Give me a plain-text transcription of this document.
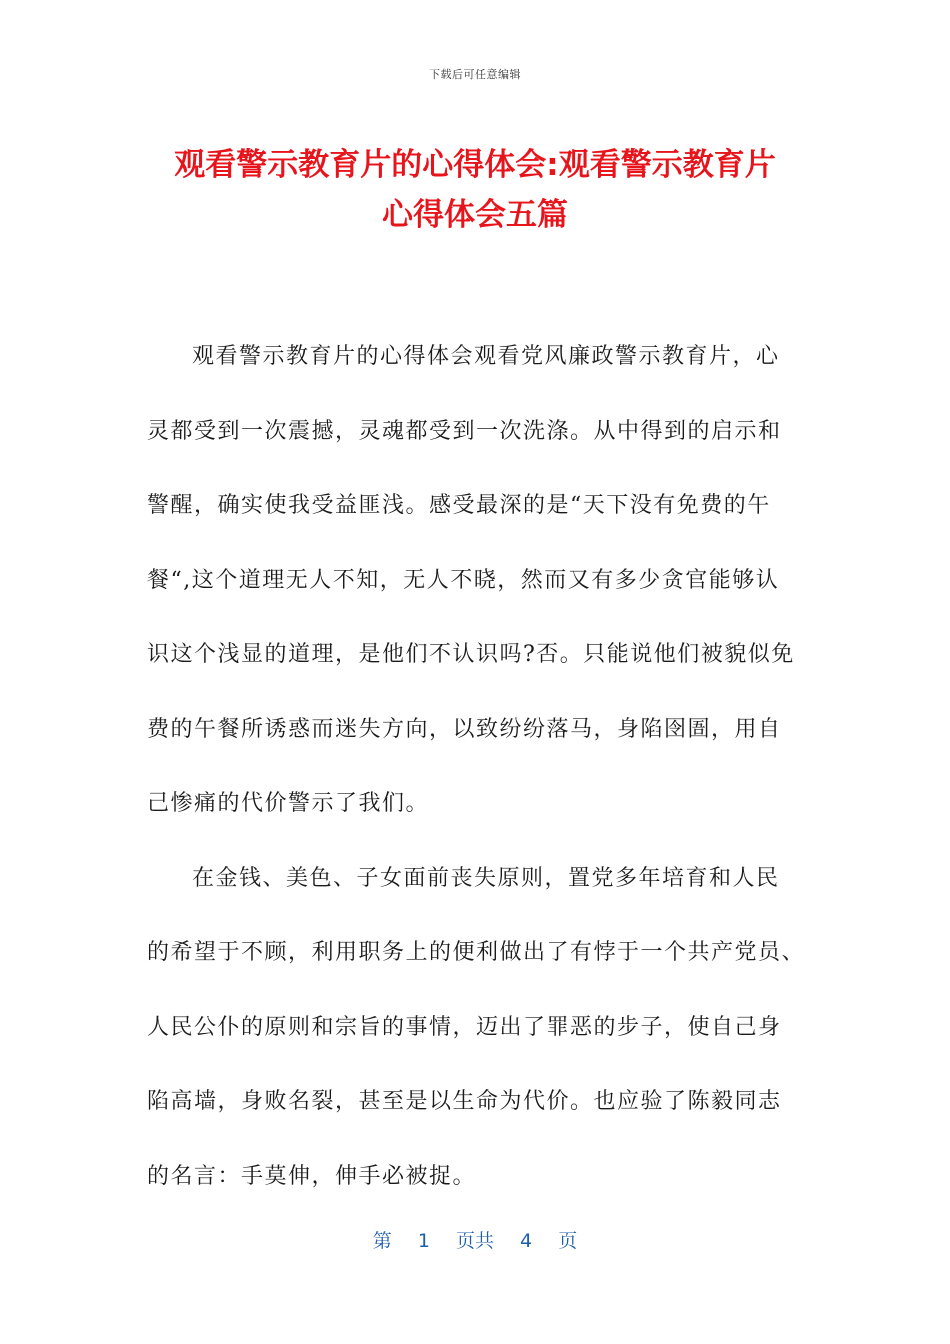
下载后可任意编辑
观看警示教育片的心得体会:观看警示教育片
心得体会五篇

观看警示教育片的心得体会观看党风廉政警示教育片，心
灵都受到一次震撼，灵魂都受到一次洗涤。从中得到的启示和
警醒，确实使我受益匪浅。感受最深的是“天下没有免费的午
餐“,这个道理无人不知，无人不晓，然而又有多少贪官能够认
识这个浅显的道理，是他们不认识吗?否。只能说他们被貌似免
费的午餐所诱惑而迷失方向，以致纷纷落马，身陷囹圄，用自
己惨痛的代价警示了我们。

在金钱、美色、子女面前丧失原则，置党多年培育和人民
的希望于不顾，利用职务上的便利做出了有悖于一个共产党员、
人民公仆的原则和宗旨的事情，迈出了罪恶的步子，使自己身
陷高墙，身败名裂，甚至是以生命为代价。也应验了陈毅同志
的名言：手莫伸，伸手必被捉。

第 1 页共 4 页
